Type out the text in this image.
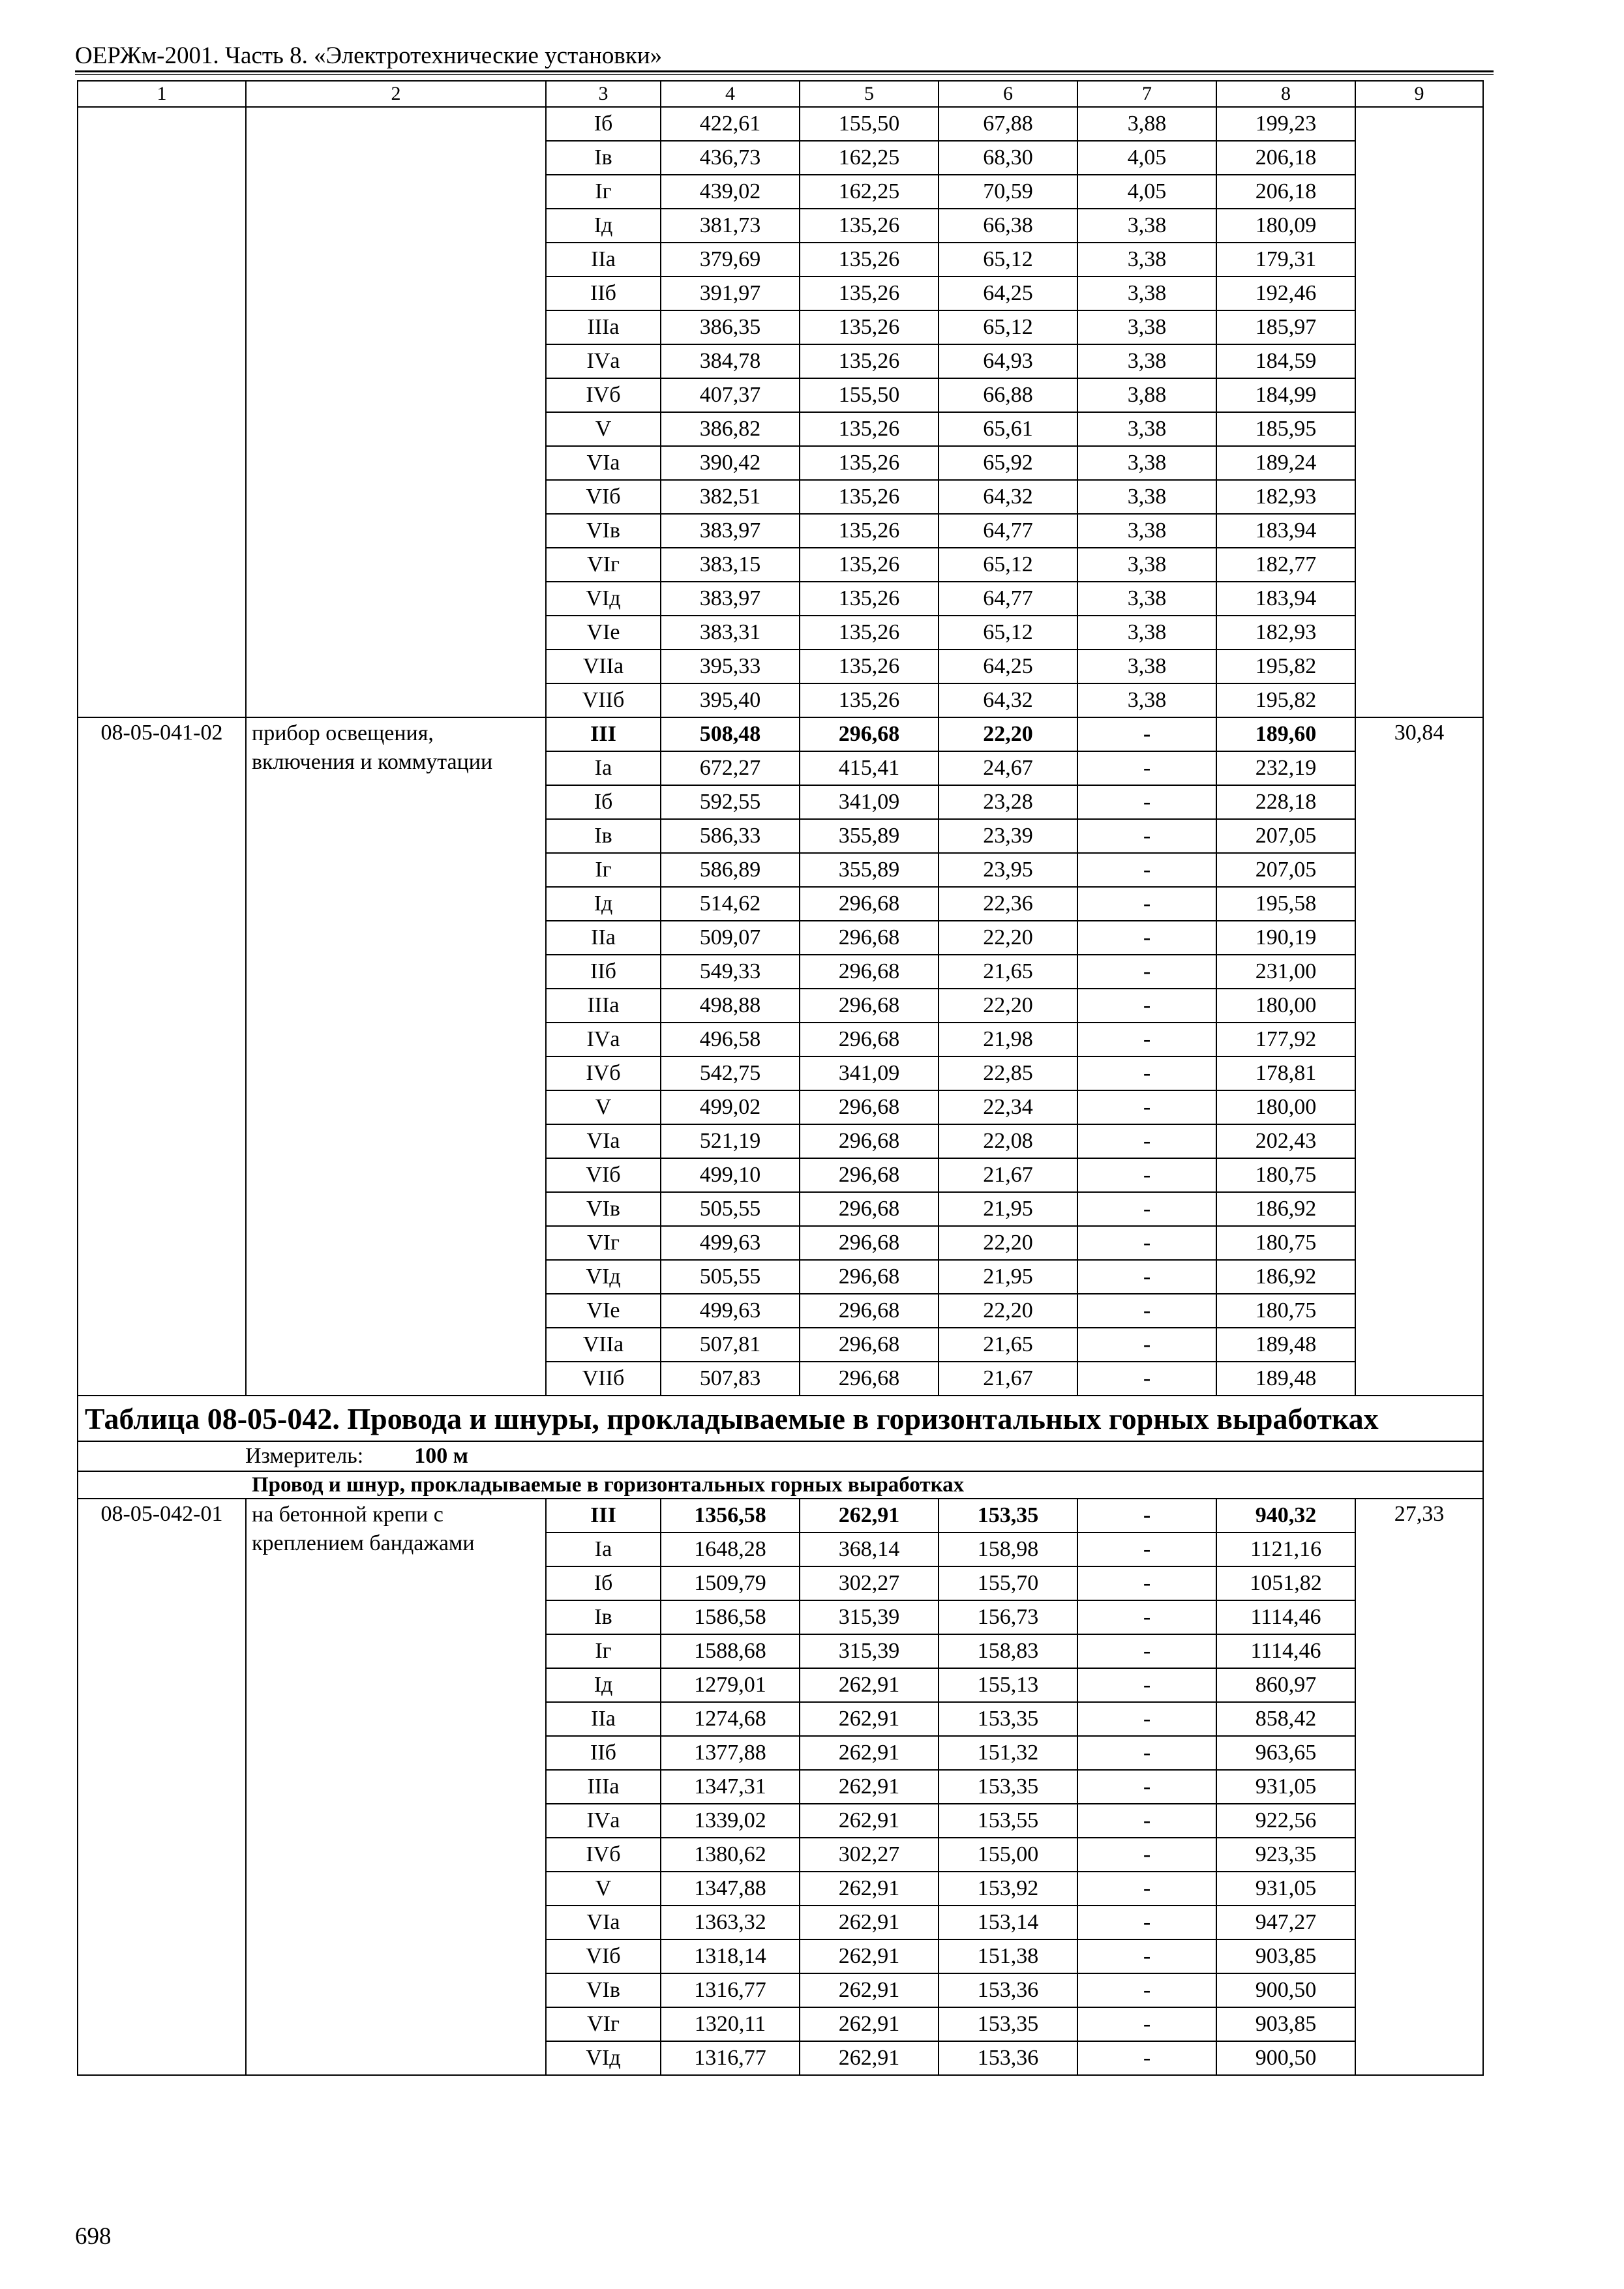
ОЕРЖм-2001. Часть 8. «Электротехнические установки»
1	2	3	4	5	6	7	8	9
		Iб	422,61	155,50	67,88	3,88	199,23	
		Iв	436,73	162,25	68,30	4,05	206,18	
		Iг	439,02	162,25	70,59	4,05	206,18	
		Iд	381,73	135,26	66,38	3,38	180,09	
		IIа	379,69	135,26	65,12	3,38	179,31	
		IIб	391,97	135,26	64,25	3,38	192,46	
		IIIа	386,35	135,26	65,12	3,38	185,97	
		IVа	384,78	135,26	64,93	3,38	184,59	
		IVб	407,37	155,50	66,88	3,88	184,99	
		V	386,82	135,26	65,61	3,38	185,95	
		VIа	390,42	135,26	65,92	3,38	189,24	
		VIб	382,51	135,26	64,32	3,38	182,93	
		VIв	383,97	135,26	64,77	3,38	183,94	
		VIг	383,15	135,26	65,12	3,38	182,77	
		VIд	383,97	135,26	64,77	3,38	183,94	
		VIе	383,31	135,26	65,12	3,38	182,93	
		VIIа	395,33	135,26	64,25	3,38	195,82	
		VIIб	395,40	135,26	64,32	3,38	195,82	
08-05-041-02	прибор освещения, включения и коммутации	III	508,48	296,68	22,20	-	189,60	30,84
		Iа	672,27	415,41	24,67	-	232,19	
		Iб	592,55	341,09	23,28	-	228,18	
		Iв	586,33	355,89	23,39	-	207,05	
		Iг	586,89	355,89	23,95	-	207,05	
		Iд	514,62	296,68	22,36	-	195,58	
		IIа	509,07	296,68	22,20	-	190,19	
		IIб	549,33	296,68	21,65	-	231,00	
		IIIа	498,88	296,68	22,20	-	180,00	
		IVа	496,58	296,68	21,98	-	177,92	
		IVб	542,75	341,09	22,85	-	178,81	
		V	499,02	296,68	22,34	-	180,00	
		VIа	521,19	296,68	22,08	-	202,43	
		VIб	499,10	296,68	21,67	-	180,75	
		VIв	505,55	296,68	21,95	-	186,92	
		VIг	499,63	296,68	22,20	-	180,75	
		VIд	505,55	296,68	21,95	-	186,92	
		VIе	499,63	296,68	22,20	-	180,75	
		VIIа	507,81	296,68	21,65	-	189,48	
		VIIб	507,83	296,68	21,67	-	189,48	
Таблица 08-05-042. Провода и шнуры, прокладываемые в горизонтальных горных выработках								
Измеритель: 100 м								
Провод и шнур, прокладываемые в горизонтальных горных выработках								
08-05-042-01	на бетонной крепи с креплением бандажами	III	1356,58	262,91	153,35	-	940,32	27,33
		Iа	1648,28	368,14	158,98	-	1121,16	
		Iб	1509,79	302,27	155,70	-	1051,82	
		Iв	1586,58	315,39	156,73	-	1114,46	
		Iг	1588,68	315,39	158,83	-	1114,46	
		Iд	1279,01	262,91	155,13	-	860,97	
		IIа	1274,68	262,91	153,35	-	858,42	
		IIб	1377,88	262,91	151,32	-	963,65	
		IIIа	1347,31	262,91	153,35	-	931,05	
		IVа	1339,02	262,91	153,55	-	922,56	
		IVб	1380,62	302,27	155,00	-	923,35	
		V	1347,88	262,91	153,92	-	931,05	
		VIа	1363,32	262,91	153,14	-	947,27	
		VIб	1318,14	262,91	151,38	-	903,85	
		VIв	1316,77	262,91	153,36	-	900,50	
		VIг	1320,11	262,91	153,35	-	903,85	
		VIд	1316,77	262,91	153,36	-	900,50	
698
